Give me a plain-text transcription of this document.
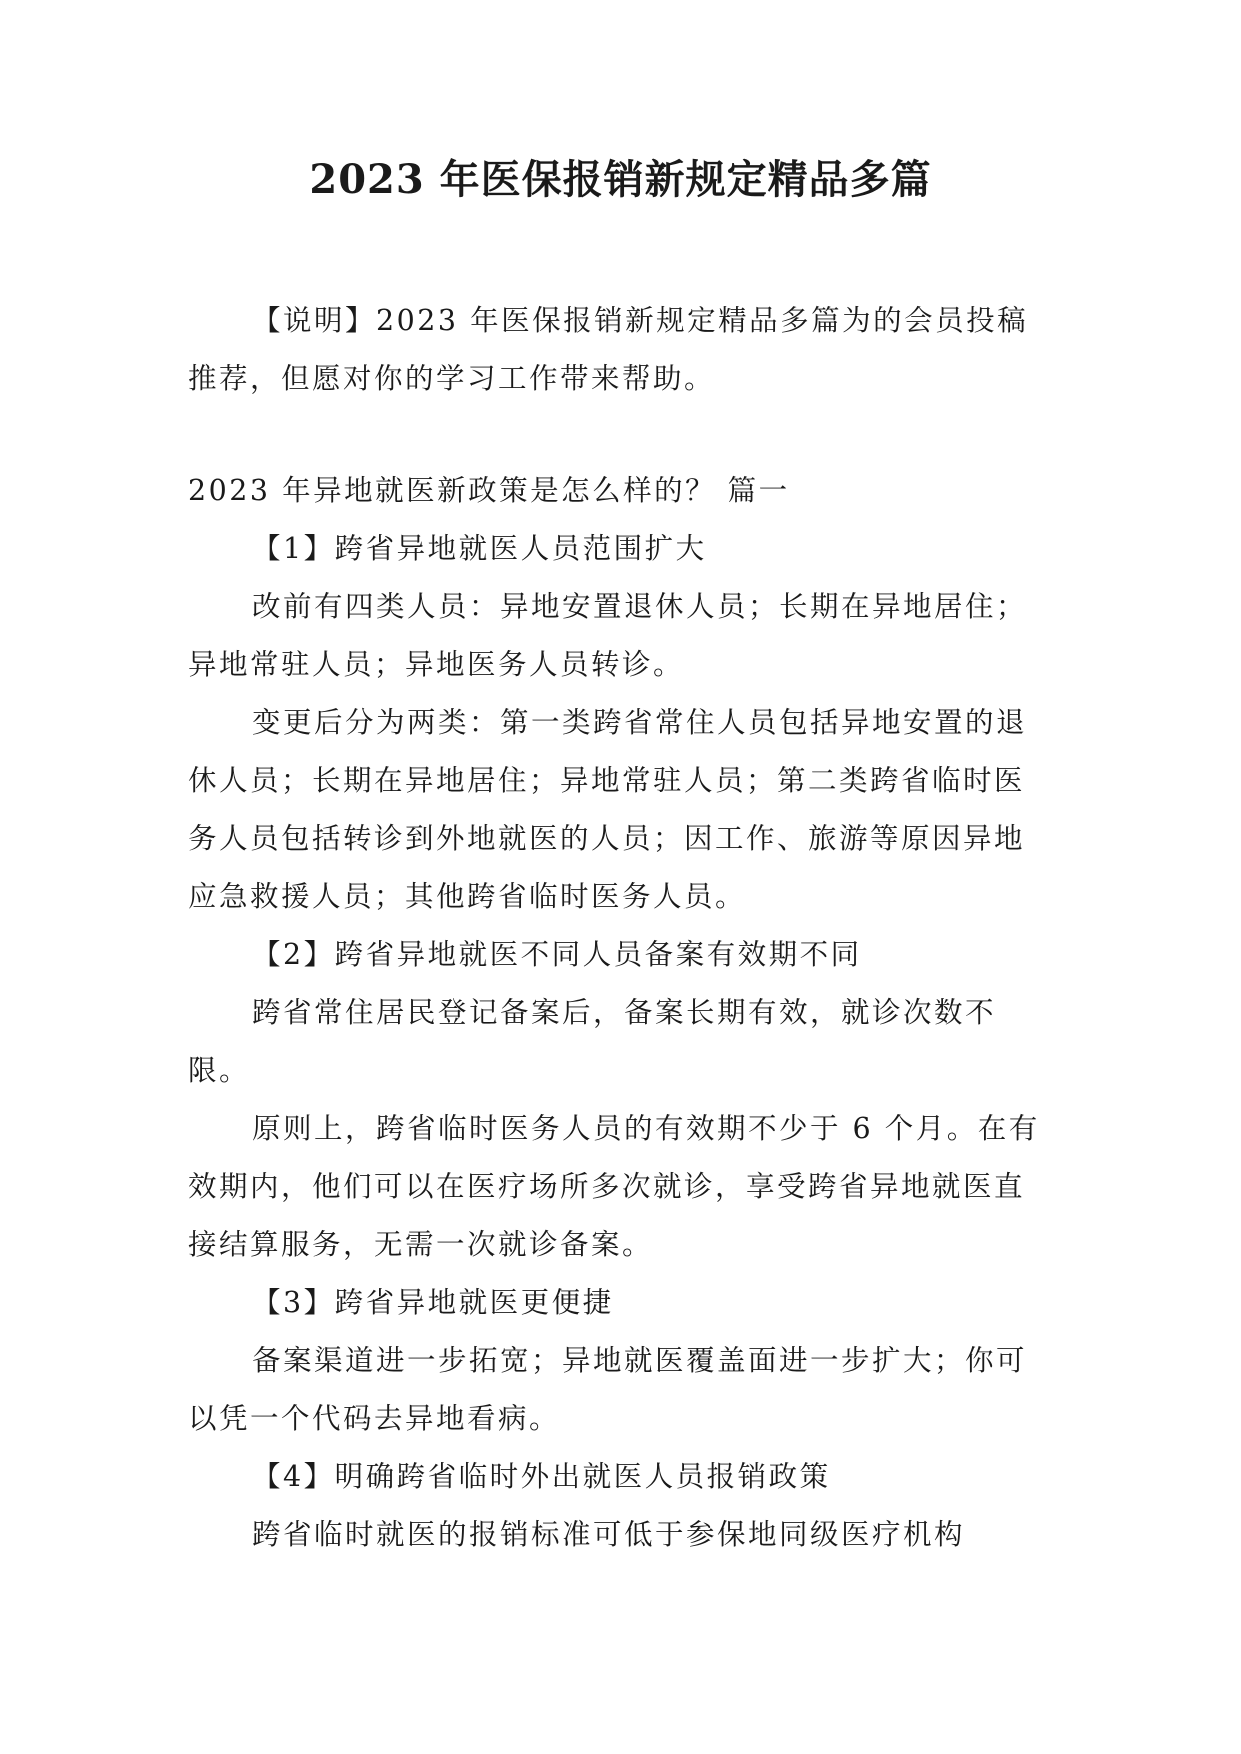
2023 年医保报销新规定精品多篇

【说明】2023 年医保报销新规定精品多篇为的会员投稿推荐，但愿对你的学习工作带来帮助。

2023 年异地就医新政策是怎么样的？ 篇一

【1】跨省异地就医人员范围扩大

改前有四类人员：异地安置退休人员；长期在异地居住；异地常驻人员；异地医务人员转诊。

变更后分为两类：第一类跨省常住人员包括异地安置的退休人员；长期在异地居住；异地常驻人员；第二类跨省临时医务人员包括转诊到外地就医的人员；因工作、旅游等原因异地应急救援人员；其他跨省临时医务人员。

【2】跨省异地就医不同人员备案有效期不同

跨省常住居民登记备案后，备案长期有效，就诊次数不限。

原则上，跨省临时医务人员的有效期不少于 6 个月。在有效期内，他们可以在医疗场所多次就诊，享受跨省异地就医直接结算服务，无需一次就诊备案。

【3】跨省异地就医更便捷

备案渠道进一步拓宽；异地就医覆盖面进一步扩大；你可以凭一个代码去异地看病。

【4】明确跨省临时外出就医人员报销政策

跨省临时就医的报销标准可低于参保地同级医疗机构
